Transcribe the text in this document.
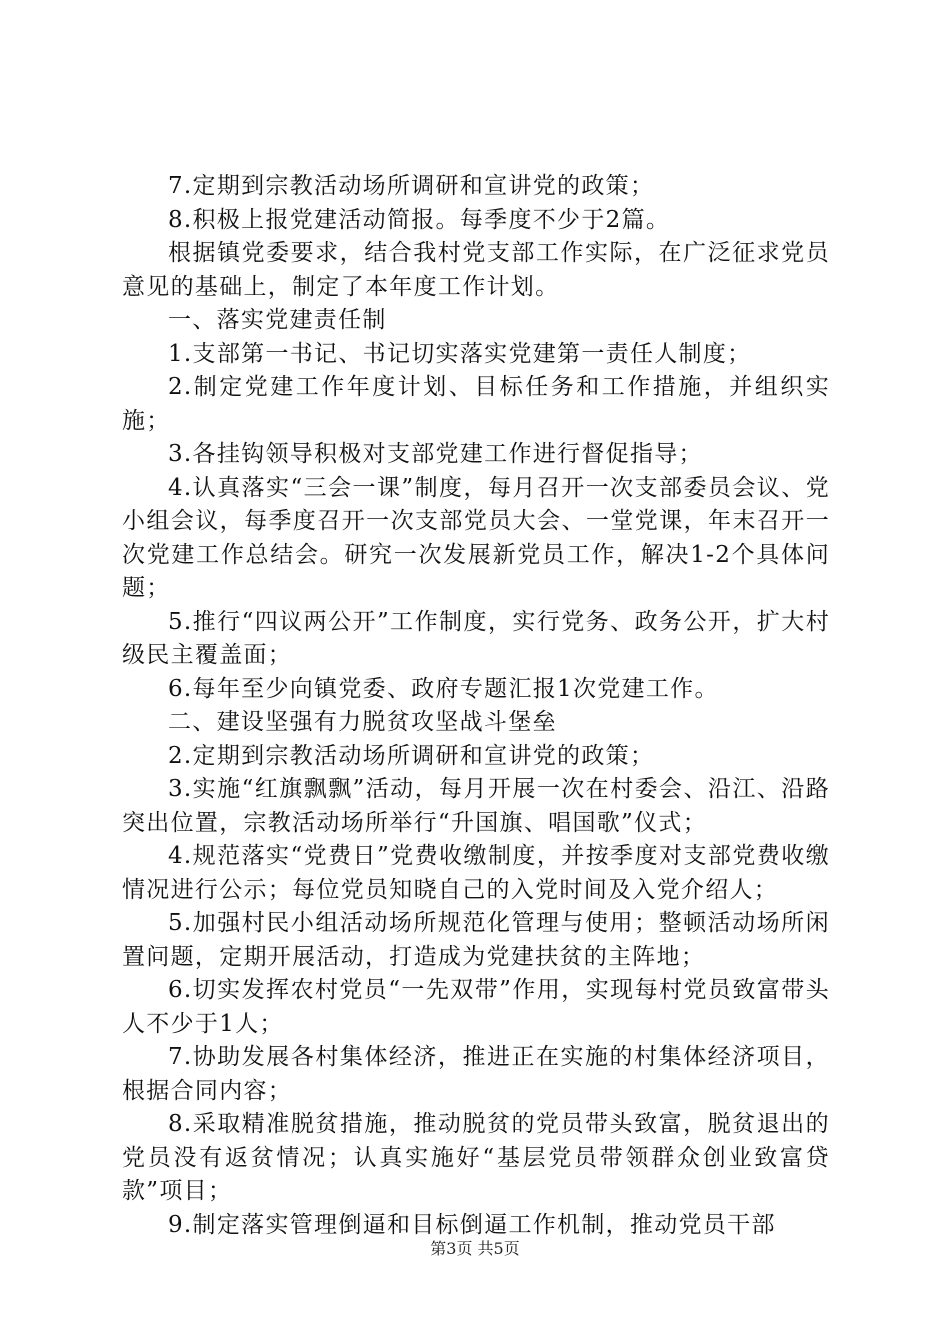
7.定期到宗教活动场所调研和宣讲党的政策；

8.积极上报党建活动简报。每季度不少于2篇。

根据镇党委要求，结合我村党支部工作实际，在广泛征求党员意见的基础上，制定了本年度工作计划。

一、落实党建责任制

1.支部第一书记、书记切实落实党建第一责任人制度；

2.制定党建工作年度计划、目标任务和工作措施，并组织实施；

3.各挂钩领导积极对支部党建工作进行督促指导；

4.认真落实“三会一课”制度，每月召开一次支部委员会议、党小组会议，每季度召开一次支部党员大会、一堂党课，年末召开一次党建工作总结会。研究一次发展新党员工作，解决1-2个具体问题；

5.推行“四议两公开”工作制度，实行党务、政务公开，扩大村级民主覆盖面；

6.每年至少向镇党委、政府专题汇报1次党建工作。

二、建设坚强有力脱贫攻坚战斗堡垒

2.定期到宗教活动场所调研和宣讲党的政策；

3.实施“红旗飘飘”活动，每月开展一次在村委会、沿江、沿路突出位置，宗教活动场所举行“升国旗、唱国歌”仪式；

4.规范落实“党费日”党费收缴制度，并按季度对支部党费收缴情况进行公示；每位党员知晓自己的入党时间及入党介绍人；

5.加强村民小组活动场所规范化管理与使用；整顿活动场所闲置问题，定期开展活动，打造成为党建扶贫的主阵地；

6.切实发挥农村党员“一先双带”作用，实现每村党员致富带头人不少于1人；

7.协助发展各村集体经济，推进正在实施的村集体经济项目，根据合同内容；

8.采取精准脱贫措施，推动脱贫的党员带头致富，脱贫退出的党员没有返贫情况；认真实施好“基层党员带领群众创业致富贷款”项目；

9.制定落实管理倒逼和目标倒逼工作机制，推动党员干部

第3页 共5页
